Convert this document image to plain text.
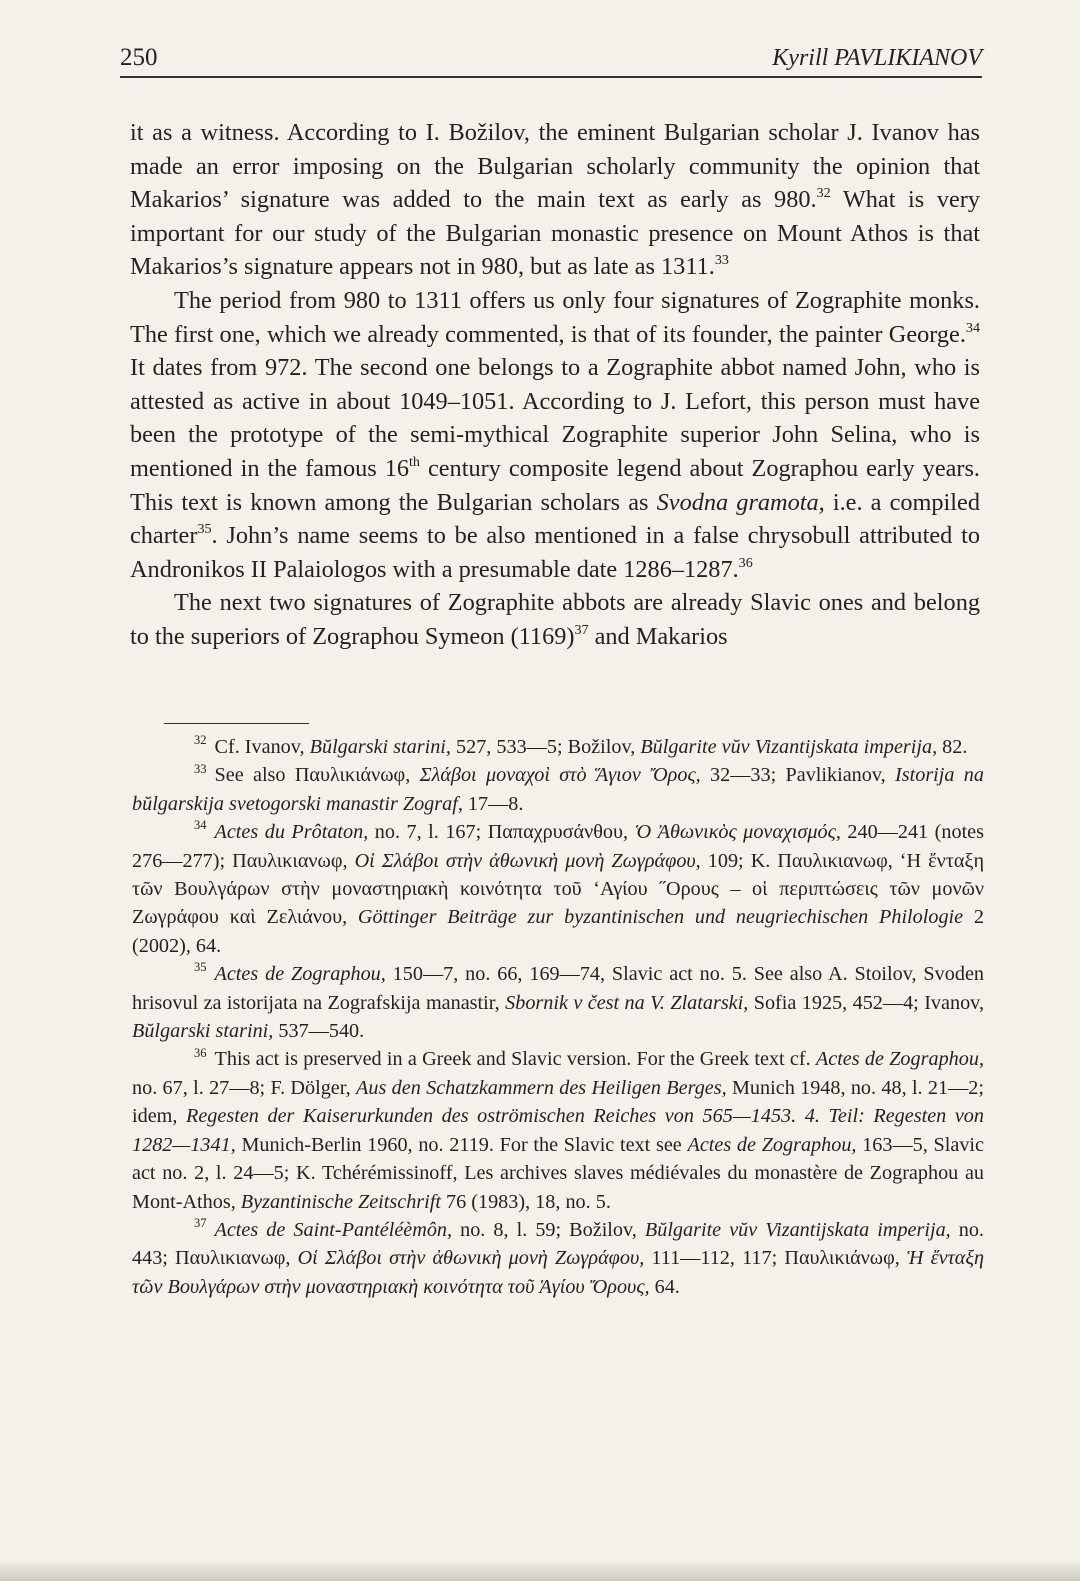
250	Kyrill PAVLIKIANOV

it as a witness. According to I. Božilov, the eminent Bulgarian scholar J. Ivanov has made an error imposing on the Bulgarian scholarly community the opinion that Makarios’ signature was added to the main text as early as 980.32 What is very important for our study of the Bulgarian monastic presence on Mount Athos is that Makarios’s signature appears not in 980, but as late as 1311.33

The period from 980 to 1311 offers us only four signatures of Zographite monks. The first one, which we already commented, is that of its founder, the painter George.$^{34}$ It dates from 972. The second one belongs to a Zographite abbot named John, who is attested as active in about 1049–1051. According to J. Lefort, this person must have been the prototype of the semi-mythical Zographite superior John Selina, who is mentioned in the famous 16th century composite legend about Zographou early years. This text is known among the Bulgarian scholars as Svodna gramota, i.e. a compiled charter$^{35}$. John’s name seems to be also mentioned in a false chrysobull attributed to Andronikos II Palaiologos with a presumable date 1286–1287.36

The next two signatures of Zographite abbots are already Slavic ones and belong to the superiors of Zographou Symeon $(1169)^{37}$ and Makarios

$^{32}$ Cf. Ivanov, Bŭlgarski starini, 527, 533—5; Božilov, Bŭlgarite vŭv Vizantijskata imperija, 82.

$^{33}$ See also Παυλικιάνωφ, Σλάβοι μοναχοὶ στὸ Ἅγιον Ὄρος, 32—33; Pavlikianov, Istorija na bŭlgarskija svetogorski manastir Zograf, 17—8.

$^{34}$ Actes du Prôtaton, no. 7, l. 167; Παπαχρυσάνθου, Ὁ Ἀθωνικὸς μοναχισμός, 240—241 (notes 276—277); Παυλικιανωφ, Οἱ Σλάβοι στὴν ἀθωνικὴ μονὴ Ζωγράφου, 109; Κ. Παυλικιανωφ, ‘Η ἔνταξη τῶν Βουλγάρων στὴν μοναστηριακὴ κοινότητα τοῦ ‘Αγίου ˝Ορους – οἱ περιπτώσεις τῶν μονῶν Ζωγράφου καὶ Ζελιάνου, Göttinger Beiträge zur byzantinischen und neugriechischen Philologie 2 (2002), 64.

$^{35}$ Actes de Zographou, 150—7, no. 66, 169—74, Slavic act no. 5. See also A. Stoilov, Svoden hrisovul za istorijata na Zografskija manastir, Sbornik v čest na V. Zlatarski, Sofia 1925, 452—4; Ivanov, Bŭlgarski starini, 537—540.

$^{36}$ This act is preserved in a Greek and Slavic version. For the Greek text cf. Actes de Zographou, no. 67, l. 27—8; F. Dölger, Aus den Schatzkammern des Heiligen Berges, Munich 1948, no. 48, l. 21—2; idem, Regesten der Kaiserurkunden des oströmischen Reiches von 565—1453. 4. Teil: Regesten von 1282—1341, Munich-Berlin 1960, no. 2119. For the Slavic text see Actes de Zographou, 163—5, Slavic act no. 2, l. 24—5; K. Tchérémissinoff, Les archives slaves médiévales du monastère de Zographou au Mont-Athos, Byzantinische Zeitschrift 76 (1983), 18, no. 5.

$^{37}$ Actes de Saint-Pantéléèmôn, no. 8, l. 59; Božilov, Bŭlgarite vŭv Vizantijskata imperija, no. 443; Παυλικιανωφ, Οἱ Σλάβοι στὴν ἀθωνικὴ μονὴ Ζωγράφου, 111—112, 117; Παυλικιάνωφ, Ἡ ἔνταξη τῶν Βουλγάρων στὴν μοναστηριακὴ κοινότητα τοῦ Ἁγίου Ὄρους, 64.
